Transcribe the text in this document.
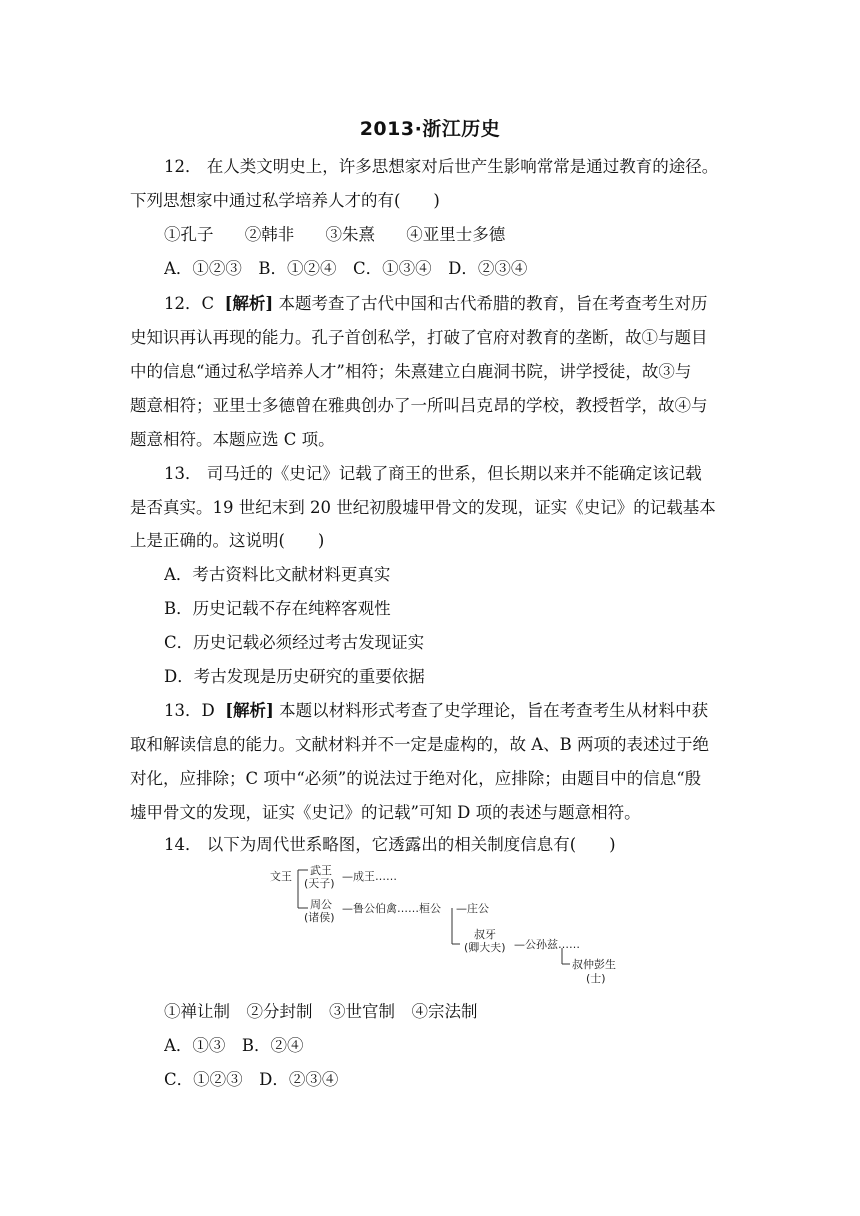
2013·浙江历史
12． 在人类文明史上，许多思想家对后世产生影响常常是通过教育的途径。
下列思想家中通过私学培养人才的有(　　)
①孔子 ②韩非 ③朱熹 ④亚里士多德
A．①②③　B．①②④　C．①③④　D．②③④
12．C [解析] 本题考查了古代中国和古代希腊的教育，旨在考查考生对历
史知识再认再现的能力。孔子首创私学，打破了官府对教育的垄断，故①与题目
中的信息“通过私学培养人才”相符；朱熹建立白鹿洞书院，讲学授徒，故③与
题意相符；亚里士多德曾在雅典创办了一所叫吕克昂的学校，教授哲学，故④与
题意相符。本题应选 C 项。
13． 司马迁的《史记》记载了商王的世系，但长期以来并不能确定该记载
是否真实。19 世纪末到 20 世纪初殷墟甲骨文的发现，证实《史记》的记载基本
上是正确的。这说明(　　)
A．考古资料比文献材料更真实
B．历史记载不存在纯粹客观性
C．历史记载必须经过考古发现证实
D．考古发现是历史研究的重要依据
13．D [解析] 本题以材料形式考查了史学理论，旨在考查考生从材料中获
取和解读信息的能力。文献材料并不一定是虚构的，故 A、B 两项的表述过于绝
对化，应排除；C 项中“必须”的说法过于绝对化，应排除；由题目中的信息“殷
墟甲骨文的发现，证实《史记》的记载”可知 D 项的表述与题意相符。
14． 以下为周代世系略图，它透露出的相关制度信息有(　　)
文王 武王
(天子)
—成王……
周公
(诸侯)
—鲁公伯禽……桓公 —庄公
叔牙
(卿大夫) —公孙兹……
叔仲彭生
(士)
①禅让制　②分封制　③世官制　④宗法制
A．①③　B．②④
C．①②③　D．②③④
